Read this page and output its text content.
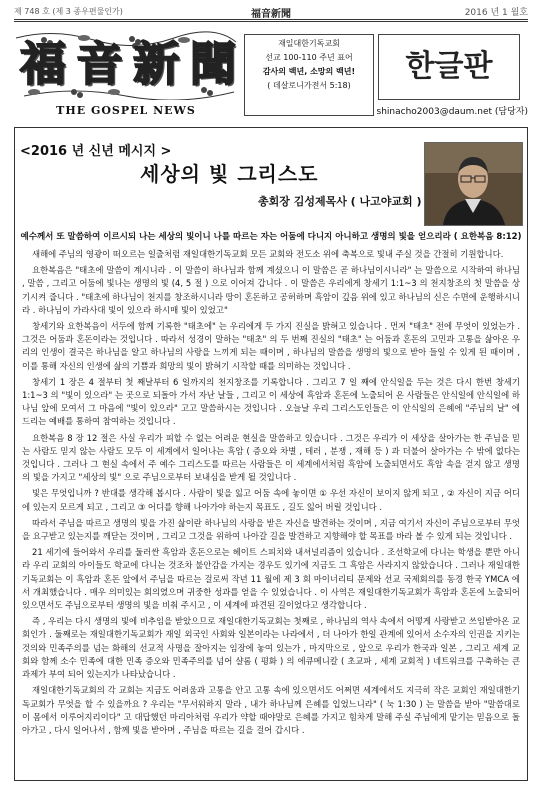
제 748 호 (제 3 종우편물인가)	福音新聞	2016 년 1 월호
福 音 新 聞
THE GOSPEL NEWS
재일대한기독교회
선교 100-110 주년 표어
감사의 백년, 소망의 백년!
( 데살로니가전서 5:18)
한글판
shinacho2003@daum.net (담당자)
<2016 년 신년 메시지 >
세상의 빛 그리스도
총회장 김성제목사 ( 나고야교회 )
예수께서 또 말씀하여 이르시되 나는 세상의 빛이니 나를 따르는 자는 어둠에 다니지 아니하고 생명의 빛을 얻으리라 ( 요한복음 8:12)

새해에 주님의 영광이 떠오르는 일출처럼 재일대한기독교회 모든 교회와 전도소 위에 축복으로 빛내 주실 것을 간절히 기원합니다.

요한복음은 "태초에 말씀이 계시니라 . 이 말씀이 하나님과 함께 계셨으니 이 말씀은 곧 하나님이시니라" 는 말씀으로 시작하여 하나님 , 말씀 , 그리고 어둠에 빛나는 생명의 빛 (4, 5 절 ) 으로 이어져 갑니다 . 이 말씀은 우리에게 창세기 1:1~3 의 천지창조의 첫 말씀을 상기시켜 줍니다 . "태초에 하나님이 천지를 창조하시니라 땅이 혼돈하고 공허하며 흑암이 깊음 위에 있고 하나님의 신은 수면에 운행하시니라 . 하나님이 가라사대 빛이 있으라 하시매 빛이 있었고"

창세기와 요한복음이 서두에 함께 기록한 "태초에" 는 우리에게 두 가지 진실을 밝혀고 있습니다 . 먼저 "태초" 전에 무엇이 있었는가 . 그것은 어둠과 혼돈이라는 것입니다 . 따라서 성경이 말하는 "태초" 의 두 번째 진실의 "태초" 는 어둠과 혼돈의 고민과 고통을 삶아온 우리의 인생이 결국은 하나님을 알고 하나님의 사랑을 느끼게 되는 때이며 , 하나님의 말씀을 생명의 빛으로 받아 들일 수 있게 된 때이며 , 이를 통해 자신의 인생에 삶의 기쁨과 희망의 빛이 밝혀기 시작할 때를 의미하는 것입니다 .

창세기 1 장은 4 절부터 첫 째날부터 6 일까지의 천지창조를 기록합니다 . 그리고 7 일 째에 안식일을 두는 것은 다시 한번 창세기 1:1~3 의 "빛이 있으라" 는 곳으로 되돌아 가서 자난 날들 , 그리고 이 세상에 흑암과 혼돈에 노출되어 온 사람들은 안식일에 안식일에 하나님 앞에 모여서 그 마음에 "빛이 있으라" 고고 말씀하시는 것입니다 . 오늘날 우리 그리스도인들은 이 안식일의 은혜에 "주님의 날" 에 드리는 예배를 통하여 참여하는 것입니다 .

요한복음 8 장 12 절은 사실 우리가 피할 수 없는 어려운 현실을 말씀하고 있습니다 . 그것은 우리가 이 세상을 살아가는 한 주님을 믿는 사람도 믿지 않는 사람도 모두 이 세계에서 일어나는 흑암 ( 증오와 차별 , 테러 , 분쟁 , 재해 등 ) 과 더불어 살아가는 수 밖에 없다는 것입니다 . 그러나 그 현실 속에서 주 예수 그리스도를 따르는 사람들은 이 세계에서처럼 흑암에 노출되면서도 흑암 속을 걷지 않고 생명의 빛을 가지고 "세상의 빛" 으로 주님으로부터 보내심을 받게 될 것입니다 .

빛은 무엇입니까 ? 반대를 생각해 봅시다 . 사람이 빛을 잃고 어둠 속에 놓이면 ① 우선 자신이 보이지 않게 되고 , ② 자신이 지금 어디에 있는지 모르게 되고 , 그리고 ③ 어디를 향해 나아가야 하는지 목표도 , 길도 잃어 버릴 것입니다 .

따라서 주님을 따르고 생명의 빛을 가진 삶이란 하나님의 사랑을 받은 자신을 발견하는 것이며 , 지금 여기서 자신이 주님으로부터 무엇을 요구받고 있는지를 깨닫는 것이며 , 그리고 그것을 위하여 나아갈 길을 발견하고 지향해야 할 목표를 바라 볼 수 있게 되는 것입니다 .

21 세기에 들어와서 우리를 둘러싼 흑암과 혼돈으로는 헤이트 스피치와 내셔널리즘이 있습니다 . 조선학교에 다니는 학생을 뿐만 아니라 우리 교회의 아이들도 학교에 다니는 것조차 불안감을 가지는 경우도 있기에 지금도 그 흑암은 사라지지 않았습니다 . 그러나 재일대한기독교회는 이 흑암과 혼돈 앞에서 주님을 따르는 걸로써 작년 11 월에 제 3 회 마이너리티 문제와 선교 국제회의를 동경 한국 YMCA 에서 개최했습니다 . 매우 의미있는 회의였으며 귀중한 성과를 얻을 수 있었습니다 . 이 사역은 재일대한기독교회가 흑암과 혼돈에 노출되어 있으면서도 주님으로부터 생명의 빛을 비춰 주시고 , 이 세계에 파견된 길이었다고 생각합니다 .

즉 , 우리는 다시 생명의 빛에 비추임을 받았으므로 재일대한기독교회는 첫째로 , 하나님의 역사 속에서 어떻게 사랑받고 쓰임받아온 교회인가 . 둘째로는 재일대한기독교회가 재일 외국인 사회와 일본이라는 나라에서 , 더 나아가 한일 관계에 있어서 소수자의 인권을 지키는 것의와 민족주의를 넘는 화해의 선교적 사명을 잘아지는 임장에 놓여 있는가 , 마지막으로 , 앞으로 우리가 한국과 일본 , 그리고 세계 교회와 함께 소수 민족에 대한 민족 증오와 민족주의를 넘어 샬롬 ( 평화 ) 의 에큐메니칼 ( 초교파 , 세계 교회적 ) 네트워크를 구축하는 큰 과제가 부여 되어 있는지가 나타났습니다 .

재일대한기독교회의 각 교회는 지금도 어려움과 고통을 안고 고통 속에 있으면서도 어쩌면 세계에서도 지극히 작은 교회인 재일대한기독교회가 무엇을 할 수 있을까요 ? 우리는 "무서워하지 말라 , 내가 하나님께 은혜를 입었느니라" ( 눅 1:30 ) 는 말씀을 받아 "말씀대로 이 몸에서 이루어지리이다" 고 대답했던 마리아처럼 우리가 약할 때야말로 은혜를 가지고 힘차게 말해 주실 주님에게 맡기는 믿음으로 돌아가고 , 다시 일어나서 , 함께 빛을 받아며 , 주님을 따르는 길을 걸어 갑시다 .
